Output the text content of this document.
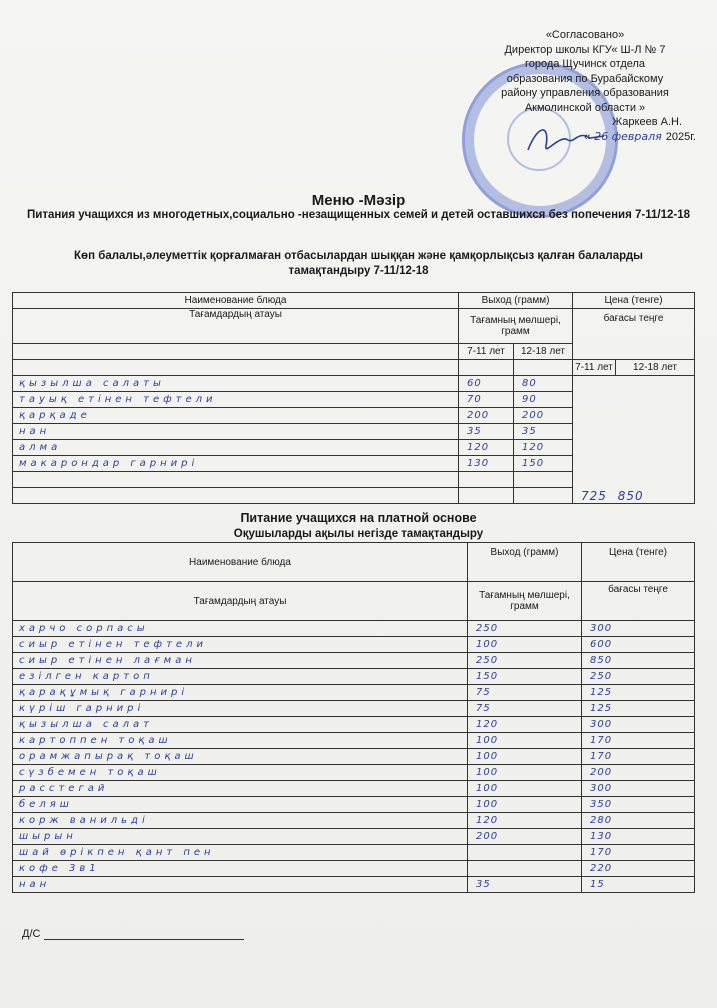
«Согласовано»
Директор школы КГУ« Ш-Л № 7
города Щучинск отдела
образования по Бурабайскому
району управления образования
Акмолинской области »
Жаркеев А.Н.
« 26 февраля 2025г.
Меню -Мәзір
Питания учащихся из многодетных,социально -незащищенных семей и детей оставшихся без попечения 7-11/12-18
Көп балалы,әлеуметтік қорғалмаған отбасылардан шыққан және қамқорлықсыз қалған балаларды тамақтандыру 7-11/12-18
Наименование блюда	Выход (грамм)		Цена (тенге)	
Тағамдардың атауы	Тағамның мөлшері, грамм		бағасы теңге	
	7-11 лет	12-18 лет		
			7-11 лет	12-18 лет
қызылша салаты	60	80	725 850	
тауық етінен тефтели	70	90		
қарқаде	200	200		
нан	35	35		
алма	120	120		
макарондар гарнирі	130	150		

Питание учащихся на платной основе
Оқушыларды ақылы негізде тамақтандыру
Наименование блюда	Выход (грамм)	Цена (тенге)
Тағамдардың атауы	Тағамның мөлшері, грамм	бағасы теңге
харчо сорпасы	250	300
сиыр етінен тефтели	100	600
сиыр етінен лағман	250	850
езілген картоп	150	250
қарақұмық гарнирі	75	125
күріш гарнирі	75	125
қызылша салат	120	300
картоппен тоқаш	100	170
орамжапырақ тоқаш	100	170
сүзбемен тоқаш	100	200
расстегай	100	300
беляш	100	350
корж ванильді	120	280
шырын	200	130
шай өрікпен қант пен		170
кофе 3в1		220
нан	35	15
Д/С
